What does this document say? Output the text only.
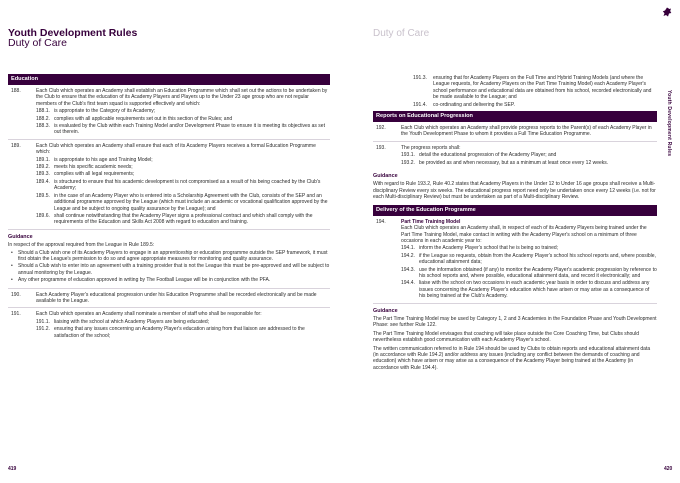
Youth Development Rules
Duty of Care
Education
188.	Each Club which operates an Academy shall establish an Education Programme which shall set out the actions to be undertaken by the Club to ensure that the education of its Academy Players and Players up to the Under 23 age group who are not regular members of the Club's first team squad is supported effectively and which:
188.1. is appropriate to the Category of its Academy;
188.2. complies with all applicable requirements set out in this section of the Rules; and
188.3. is evaluated by the Club within each Training Model and/or Development Phase to ensure it is meeting its objectives as set out therein.
189.	Each Club which operates an Academy shall ensure that each of its Academy Players receives a formal Education Programme which:
189.1. is appropriate to his age and Training Model;
189.2. meets his specific academic needs;
189.3. complies with all legal requirements;
189.4. is structured to ensure that his academic development is not compromised as a result of his being coached by the Club's Academy;
189.5. in the case of an Academy Player who is entered into a Scholarship Agreement with the Club, consists of the SEP and an additional programme approved by the League (which must include an academic or vocational qualification approved by the League and be subject to ongoing quality assurance by the League); and
189.6. shall continue notwithstanding that the Academy Player signs a professional contract and which shall comply with the requirements of the Education and Skills Act 2008 with regard to education and training.
Guidance
In respect of the approval required from the League in Rule 189.5:
•	Should a Club wish one of its Academy Players to engage in an apprenticeship or education programme outside the SEP framework, it must first obtain the League's permission to do so and agree appropriate measures for monitoring and quality assurance.
•	Should a Club wish to enter into an agreement with a training provider that is not the League this must be pre-approved and will be subject to annual monitoring by the League.
•	Any other programme of education approved in writing by The Football League will be in conjunction with the PFA.
190.	Each Academy Player's educational progression under his Education Programme shall be recorded electronically and be made available to the League.
191.	Each Club which operates an Academy shall nominate a member of staff who shall be responsible for:
191.1. liaising with the school at which Academy Players are being educated;
191.2. ensuring that any issues concerning an Academy Player's education arising from that liaison are addressed to the satisfaction of the school;
419
Duty of Care
191.3.	ensuring that for Academy Players on the Full Time and Hybrid Training Models (and where the League requests, for Academy Players on the Part Time Training Model) each Academy Player's school performance and educational data are obtained from his school, recorded electronically and be made available to the League; and
191.4.	co-ordinating and delivering the SEP.
Reports on Educational Progression
192.	Each Club which operates an Academy shall provide progress reports to the Parent(s) of each Academy Player in the Youth Development Phase to whom it provides a Full Time Education Programme.
193.	The progress reports shall:
193.1. detail the educational progression of the Academy Player; and
193.2. be provided as and when necessary, but as a minimum at least once every 12 weeks.
Guidance
With regard to Rule 193.2, Rule 40.2 states that Academy Players in the Under 12 to Under 16 age groups shall receive a Multi-disciplinary Review every six weeks. The educational progress report need only be undertaken once every 12 weeks (i.e. not for each Multi-disciplinary Review) but must be undertaken as part of a Multi-disciplinary Review.
Delivery of the Education Programme
194.	Part Time Training Model
Each Club which operates an Academy shall, in respect of each of its Academy Players being trained under the Part Time Training Model, make contact in writing with the Academy Player's school on a minimum of three occasions in each academic year to:
194.1. inform the Academy Player's school that he is being so trained;
194.2. if the League so requests, obtain from the Academy Player's school his school reports and, where possible, educational attainment data;
194.3. use the information obtained (if any) to monitor the Academy Player's academic progression by reference to his school reports and, where possible, educational attainment data, and record it electronically; and
194.4. liaise with the school on two occasions in each academic year basis in order to discuss and address any issues concerning the Academy Player's education which have arisen or may arise as a consequence of his being trained at the Club's Academy.
Guidance
The Part Time Training Model may be used by Category 1, 2 and 3 Academies in the Foundation Phase and Youth Development Phase: see further Rule 122.
The Part Time Training Model envisages that coaching will take place outside the Core Coaching Time, but Clubs should nevertheless establish good communication with each Academy Player's school.
The written communication referred to in Rule 194 should be used by Clubs to obtain reports and educational attainment data (in accordance with Rule 194.2) and/or address any issues (including any conflict between the demands of coaching and education) which have arisen or may arise as a consequence of the Academy Player being trained at the Academy (in accordance with Rule 194.4).
420
Youth Development Rules
